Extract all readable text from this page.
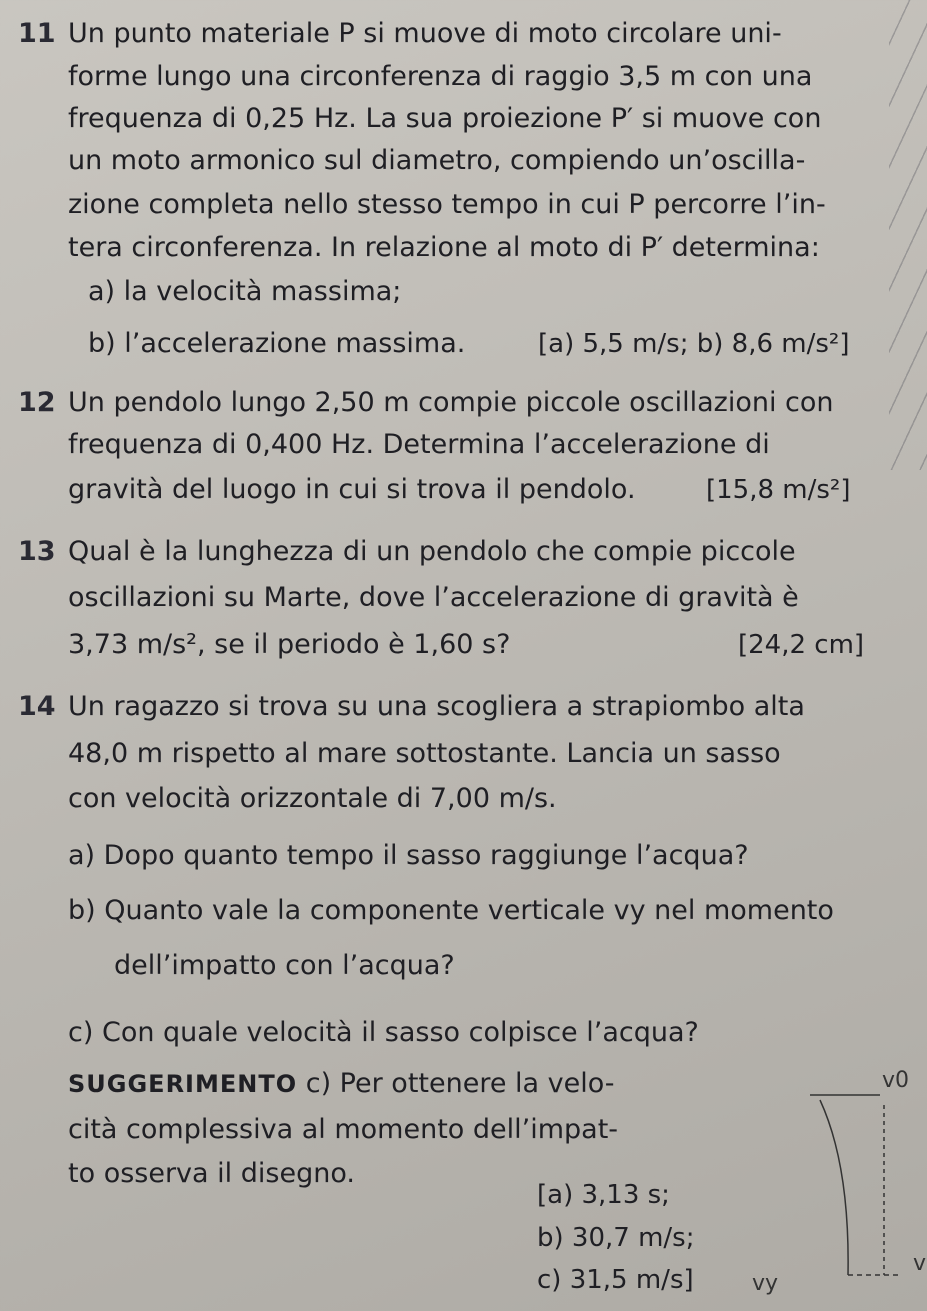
11 Un punto materiale P si muove di moto circolare uni-
forme lungo una circonferenza di raggio 3,5 m con una
frequenza di 0,25 Hz. La sua proiezione P′ si muove con
un moto armonico sul diametro, compiendo un’oscilla-
zione completa nello stesso tempo in cui P percorre l’in-
tera circonferenza. In relazione al moto di P′ determina:
a) la velocità massima;
b) l’accelerazione massima.	[a) 5,5 m/s; b) 8,6 m/s²]
12 Un pendolo lungo 2,50 m compie piccole oscillazioni con
frequenza di 0,400 Hz. Determina l’accelerazione di
gravità del luogo in cui si trova il pendolo.	[15,8 m/s²]
13 Qual è la lunghezza di un pendolo che compie piccole
oscillazioni su Marte, dove l’accelerazione di gravità è
3,73 m/s², se il periodo è 1,60 s?	[24,2 cm]
14 Un ragazzo si trova su una scogliera a strapiombo alta
48,0 m rispetto al mare sottostante. Lancia un sasso
con velocità orizzontale di 7,00 m/s.
a) Dopo quanto tempo il sasso raggiunge l’acqua?
b) Quanto vale la componente verticale vy nel momento
dell’impatto con l’acqua?
c) Con quale velocità il sasso colpisce l’acqua?
SUGGERIMENTO c) Per ottenere la velo-
cità complessiva al momento dell’impat-
to osserva il disegno.
[a) 3,13 s;
b) 30,7 m/s;
c) 31,5 m/s]
v0
vy
v
